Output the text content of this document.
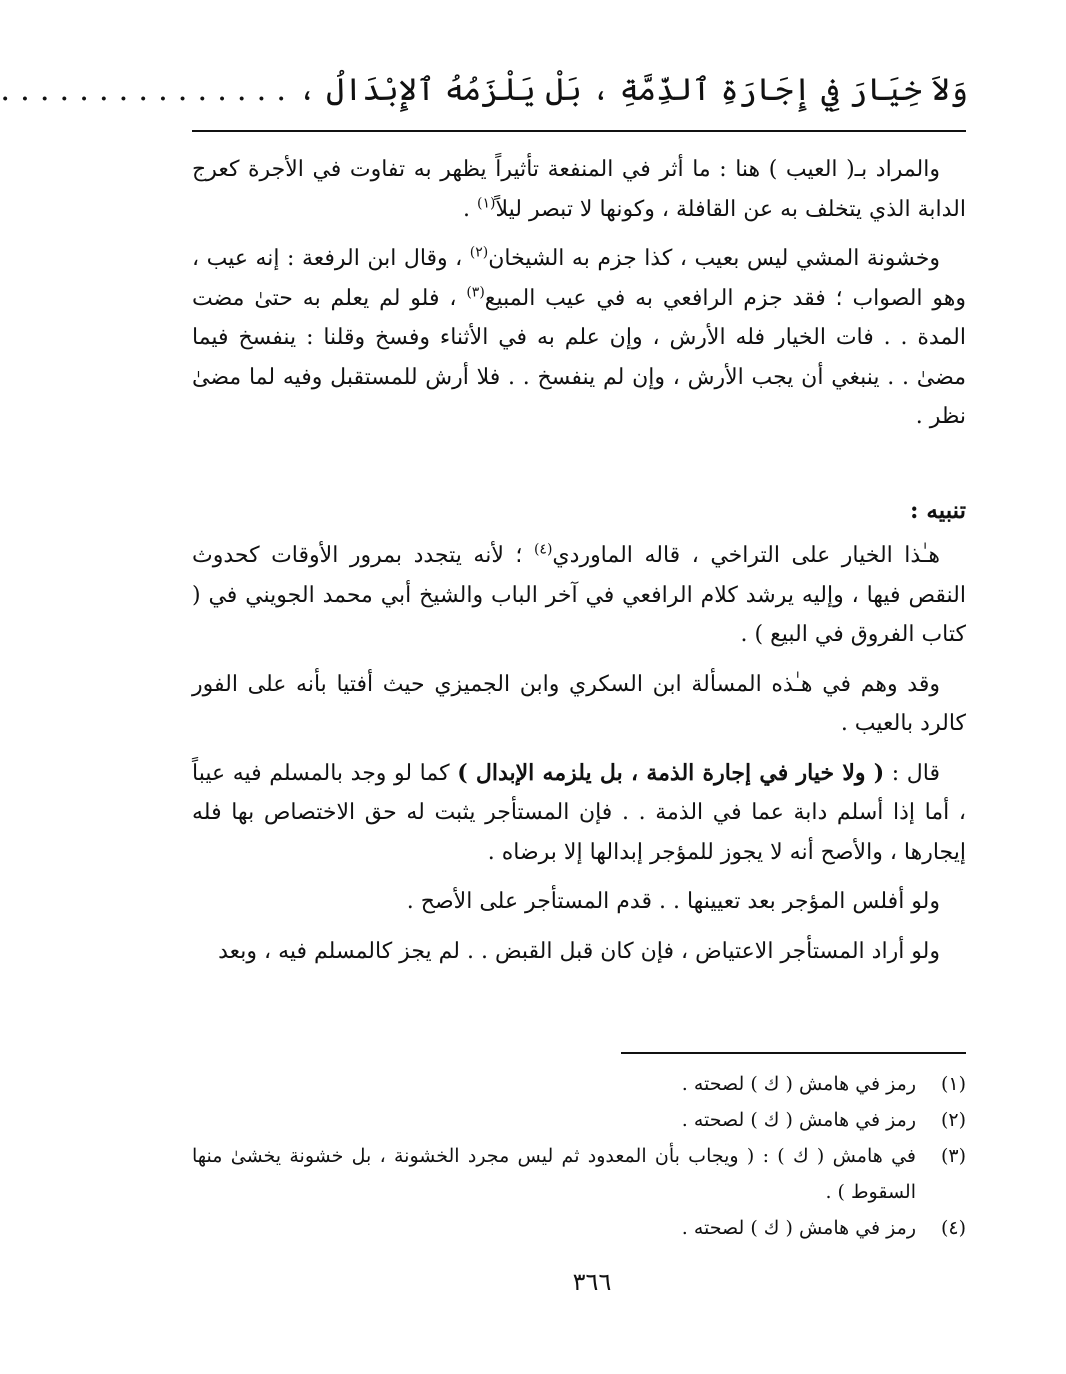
وَلاَ خِيَارَ فِي إِجَارَةِ ٱلذِّمَّةِ ، بَلْ يَلْزَمُهُ ٱلإِبْدَالُ ،. . . . . . . . . . . . . . .

والمراد بـ( العيب ) هنا : ما أثر في المنفعة تأثيراً يظهر به تفاوت في الأجرة كعرج الدابة الذي يتخلف به عن القافلة ، وكونها لا تبصر ليلاً$^{(١)}$ .

وخشونة المشي ليس بعيب ، كذا جزم به الشيخان$^{(٢)}$ ، وقال ابن الرفعة : إنه عيب ، وهو الصواب ؛ فقد جزم الرافعي به في عيب المبيع$^{(٣)}$ ، فلو لم يعلم به حتىٰ مضت المدة . . فات الخيار فله الأرش ، وإن علم به في الأثناء وفسخ وقلنا : ينفسخ فيما مضىٰ . . ينبغي أن يجب الأرش ، وإن لم ينفسخ . . فلا أرش للمستقبل وفيه لما مضىٰ نظر .

تنبيه :

هـٰذا الخيار على التراخي ، قاله الماوردي$^{(٤)}$ ؛ لأنه يتجدد بمرور الأوقات كحدوث النقص فيها ، وإليه يرشد كلام الرافعي في آخر الباب والشيخ أبي محمد الجويني في ( كتاب الفروق في البيع ) .

وقد وهم في هـٰذه المسألة ابن السكري وابن الجميزي حيث أفتيا بأنه على الفور كالرد بالعيب .

قال : ( ولا خيار في إجارة الذمة ، بل يلزمه الإبدال ) كما لو وجد بالمسلم فيه عيباً ، أما إذا أسلم دابة عما في الذمة . . فإن المستأجر يثبت له حق الاختصاص بها فله إيجارها ، والأصح أنه لا يجوز للمؤجر إبدالها إلا برضاه .

ولو أفلس المؤجر بعد تعيينها . . قدم المستأجر على الأصح .

ولو أراد المستأجر الاعتياض ، فإن كان قبل القبض . . لم يجز كالمسلم فيه ، وبعد

(١)
رمز في هامش ( ك ) لصحته .
(٢)
رمز في هامش ( ك ) لصحته .
(٣)
في هامش ( ك ) : ( ويجاب بأن المعدود ثم ليس مجرد الخشونة ، بل خشونة يخشىٰ منها السقوط ) .
(٤)
رمز في هامش ( ك ) لصحته .
٣٦٦
